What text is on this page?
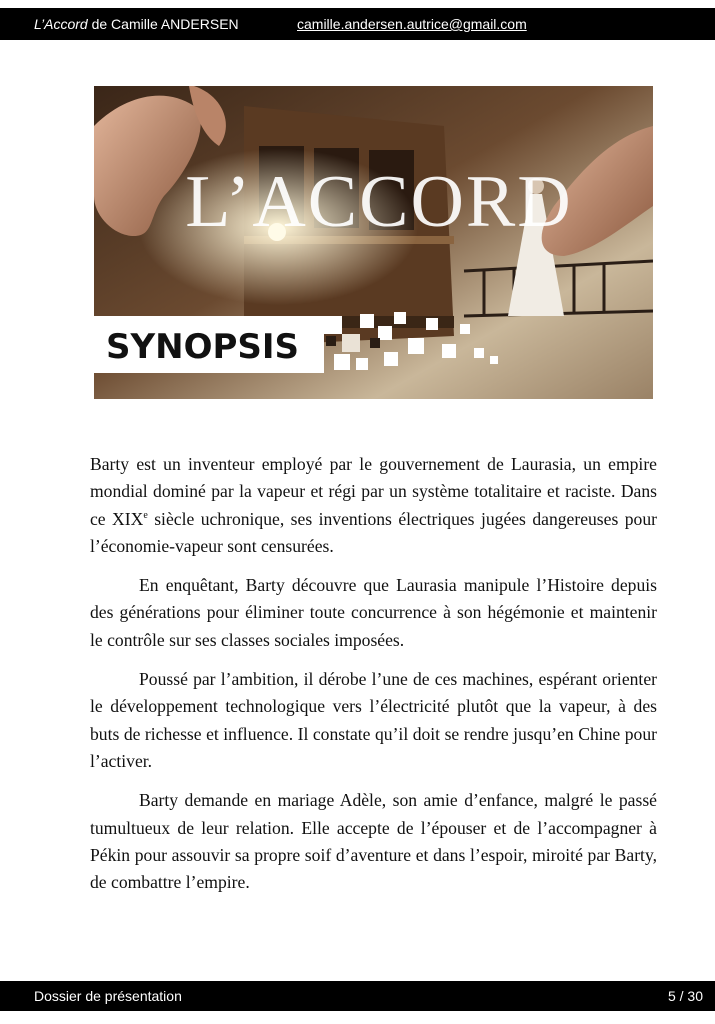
L’Accord de Camille ANDERSEN	camille.andersen.autrice@gmail.com
L’ACCORD
SYNOPSIS

Barty est un inventeur employé par le gouvernement de Laurasia, un empire mondial dominé par la vapeur et régi par un système totalitaire et raciste. Dans ce XIXe siècle uchronique, ses inventions électriques jugées dangereuses pour l’économie-vapeur sont censurées.

En enquêtant, Barty découvre que Laurasia manipule l’Histoire depuis des générations pour éliminer toute concurrence à son hégémonie et maintenir le contrôle sur ses classes sociales imposées.

Poussé par l’ambition, il dérobe l’une de ces machines, espérant orienter le développement technologique vers l’électricité plutôt que la vapeur, à des buts de richesse et influence. Il constate qu’il doit se rendre jusqu’en Chine pour l’activer.

Barty demande en mariage Adèle, son amie d’enfance, malgré le passé tumultueux de leur relation. Elle accepte de l’épouser et de l’accompagner à Pékin pour assouvir sa propre soif d’aventure et dans l’espoir, miroité par Barty, de combattre l’empire.

Dossier de présentation	5 / 30
